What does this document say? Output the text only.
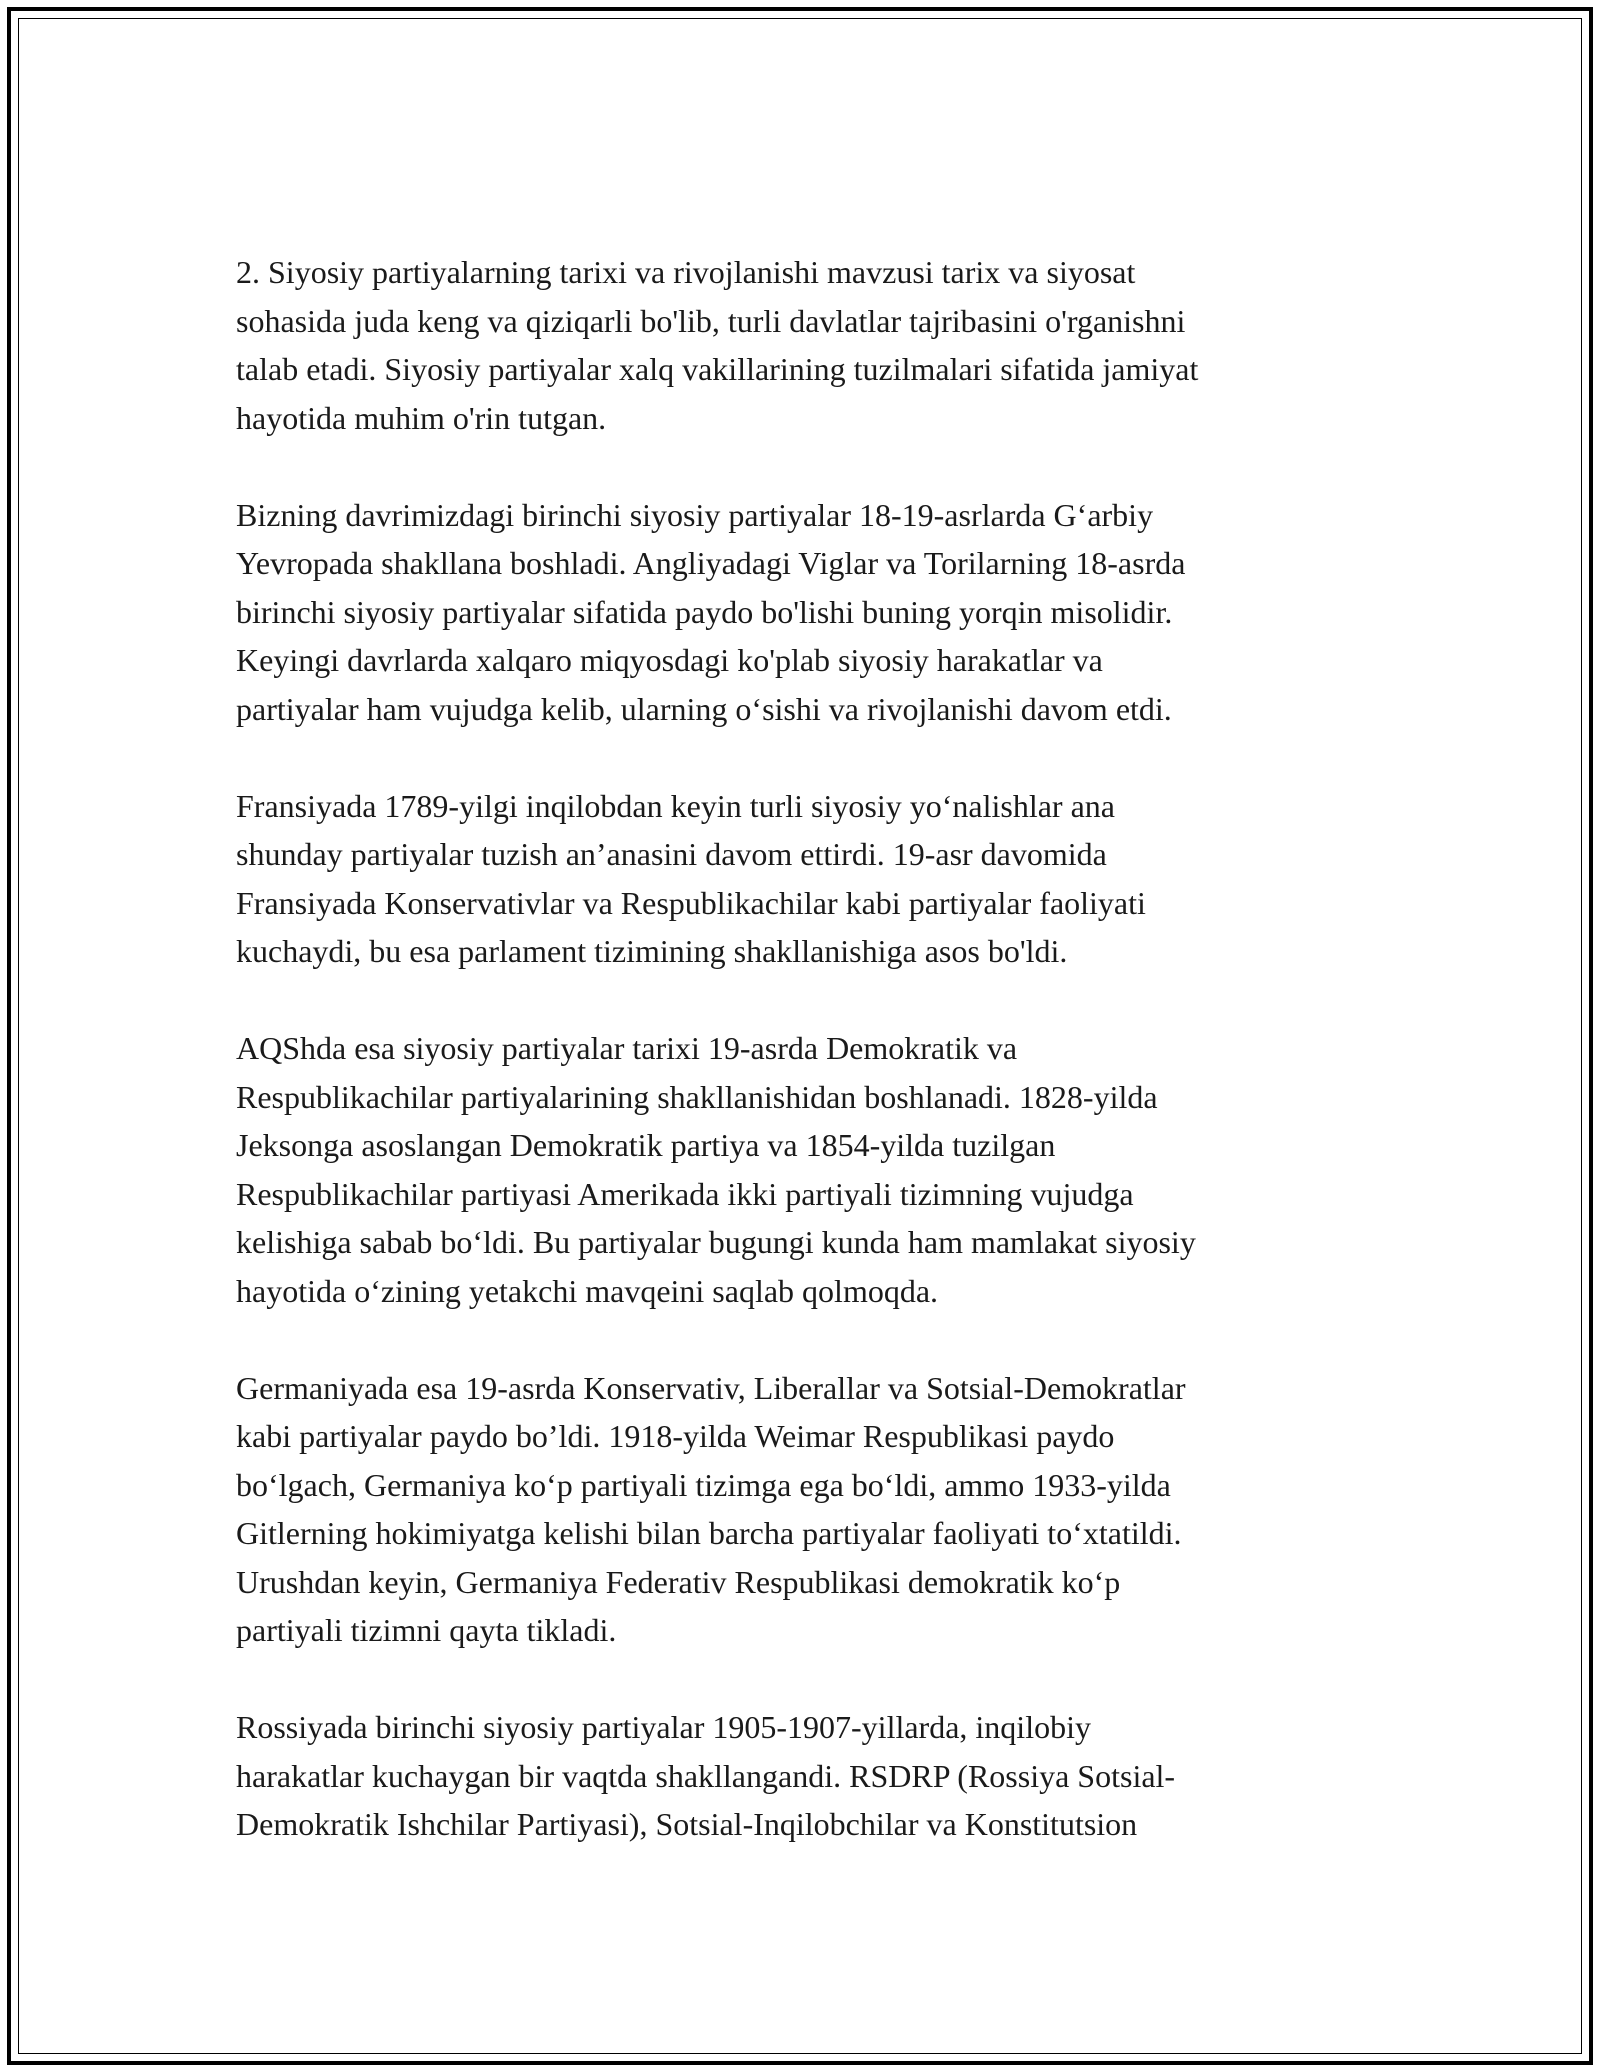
2. Siyosiy partiyalarning tarixi va rivojlanishi mavzusi tarix va siyosat
sohasida juda keng va qiziqarli bo'lib, turli davlatlar tajribasini o'rganishni
talab etadi. Siyosiy partiyalar xalq vakillarining tuzilmalari sifatida jamiyat
hayotida muhim o'rin tutgan.

Bizning davrimizdagi birinchi siyosiy partiyalar 18-19-asrlarda G‘arbiy
Yevropada shakllana boshladi. Angliyadagi Viglar va Torilarning 18-asrda
birinchi siyosiy partiyalar sifatida paydo bo'lishi buning yorqin misolidir.
Keyingi davrlarda xalqaro miqyosdagi ko'plab siyosiy harakatlar va
partiyalar ham vujudga kelib, ularning o‘sishi va rivojlanishi davom etdi.

Fransiyada 1789-yilgi inqilobdan keyin turli siyosiy yo‘nalishlar ana
shunday partiyalar tuzish an’anasini davom ettirdi. 19-asr davomida
Fransiyada Konservativlar va Respublikachilar kabi partiyalar faoliyati
kuchaydi, bu esa parlament tizimining shakllanishiga asos bo'ldi.

AQShda esa siyosiy partiyalar tarixi 19-asrda Demokratik va
Respublikachilar partiyalarining shakllanishidan boshlanadi. 1828-yilda
Jeksonga asoslangan Demokratik partiya va 1854-yilda tuzilgan
Respublikachilar partiyasi Amerikada ikki partiyali tizimning vujudga
kelishiga sabab bo‘ldi. Bu partiyalar bugungi kunda ham mamlakat siyosiy
hayotida o‘zining yetakchi mavqeini saqlab qolmoqda.

Germaniyada esa 19-asrda Konservativ, Liberallar va Sotsial-Demokratlar
kabi partiyalar paydo bo’ldi. 1918-yilda Weimar Respublikasi paydo
bo‘lgach, Germaniya ko‘p partiyali tizimga ega bo‘ldi, ammo 1933-yilda
Gitlerning hokimiyatga kelishi bilan barcha partiyalar faoliyati to‘xtatildi.
Urushdan keyin, Germaniya Federativ Respublikasi demokratik ko‘p
partiyali tizimni qayta tikladi.

Rossiyada birinchi siyosiy partiyalar 1905-1907-yillarda, inqilobiy
harakatlar kuchaygan bir vaqtda shakllangandi. RSDRP (Rossiya Sotsial-
Demokratik Ishchilar Partiyasi), Sotsial-Inqilobchilar va Konstitutsion
